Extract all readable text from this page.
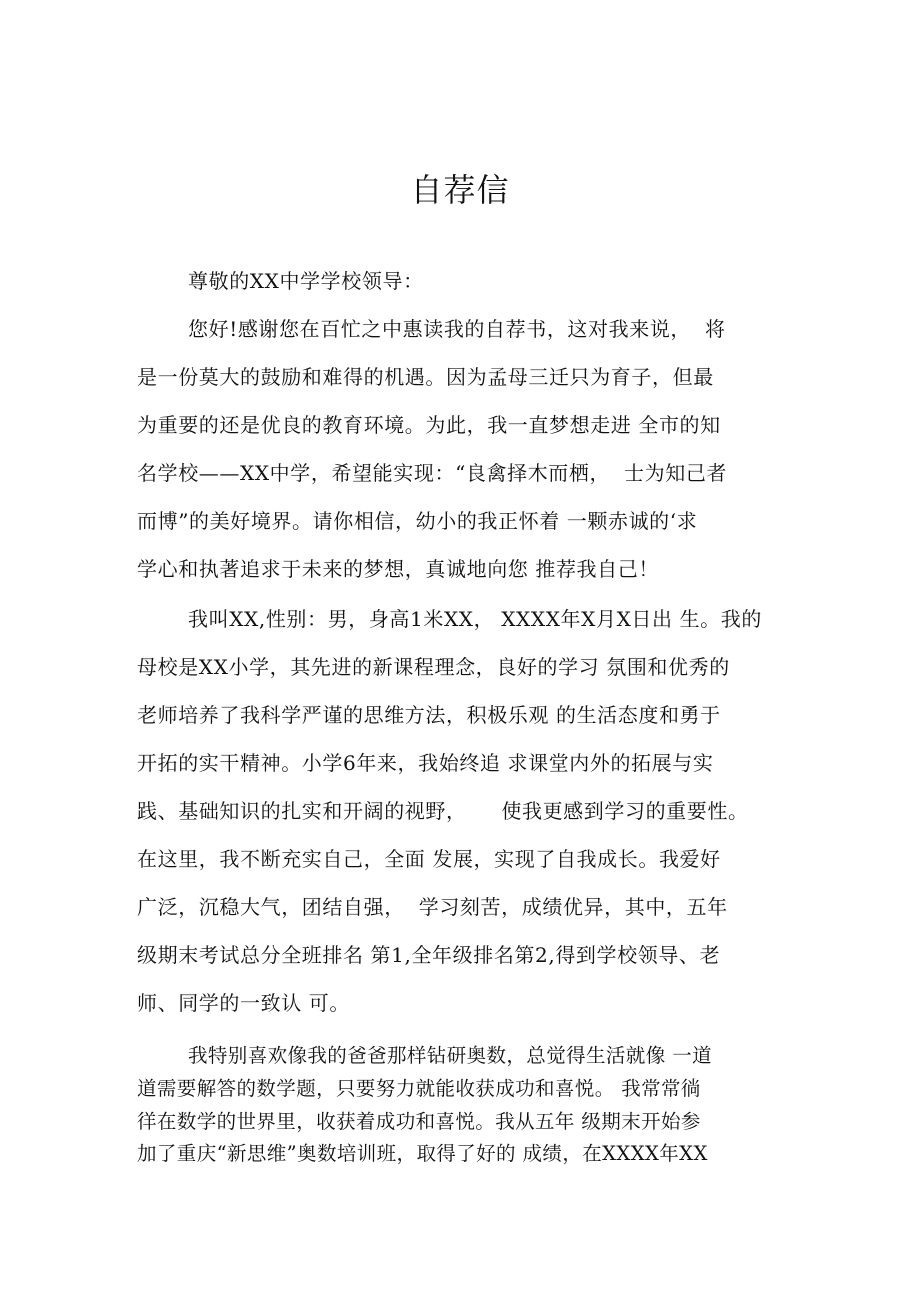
自荐信
尊敬的XX中学学校领导：
您好!感谢您在百忙之中惠读我的自荐书，这对我来说，  将
是一份莫大的鼓励和难得的机遇。因为孟母三迁只为育子，但最
为重要的还是优良的教育环境。为此，我一直梦想走进 全市的知
名学校——XX中学，希望能实现：“良禽择木而栖，  士为知己者
而博”的美好境界。请你相信，幼小的我正怀着 一颗赤诚的‘求
学心和执著追求于未来的梦想，真诚地向您 推荐我自己！
我叫XX,性别：男，身高1米XX， XXXX年X月X日出 生。我的
母校是XX小学，其先进的新课程理念，良好的学习 氛围和优秀的
老师培养了我科学严谨的思维方法，积极乐观 的生活态度和勇于
开拓的实干精神。小学6年来，我始终追 求课堂内外的拓展与实
践、基础知识的扎实和开阔的视野，     使我更感到学习的重要性。
在这里，我不断充实自己，全面 发展，实现了自我成长。我爱好
广泛，沉稳大气，团结自强，  学习刻苦，成绩优异，其中，五年
级期末考试总分全班排名 第1,全年级排名第2,得到学校领导、老
师、同学的一致认 可。
我特别喜欢像我的爸爸那样钻研奥数，总觉得生活就像 一道
道需要解答的数学题，只要努力就能收获成功和喜悦。 我常常徜
徉在数学的世界里，收获着成功和喜悦。我从五年 级期末开始参
加了重庆“新思维”奥数培训班，取得了好的 成绩，在XXXX年XX
